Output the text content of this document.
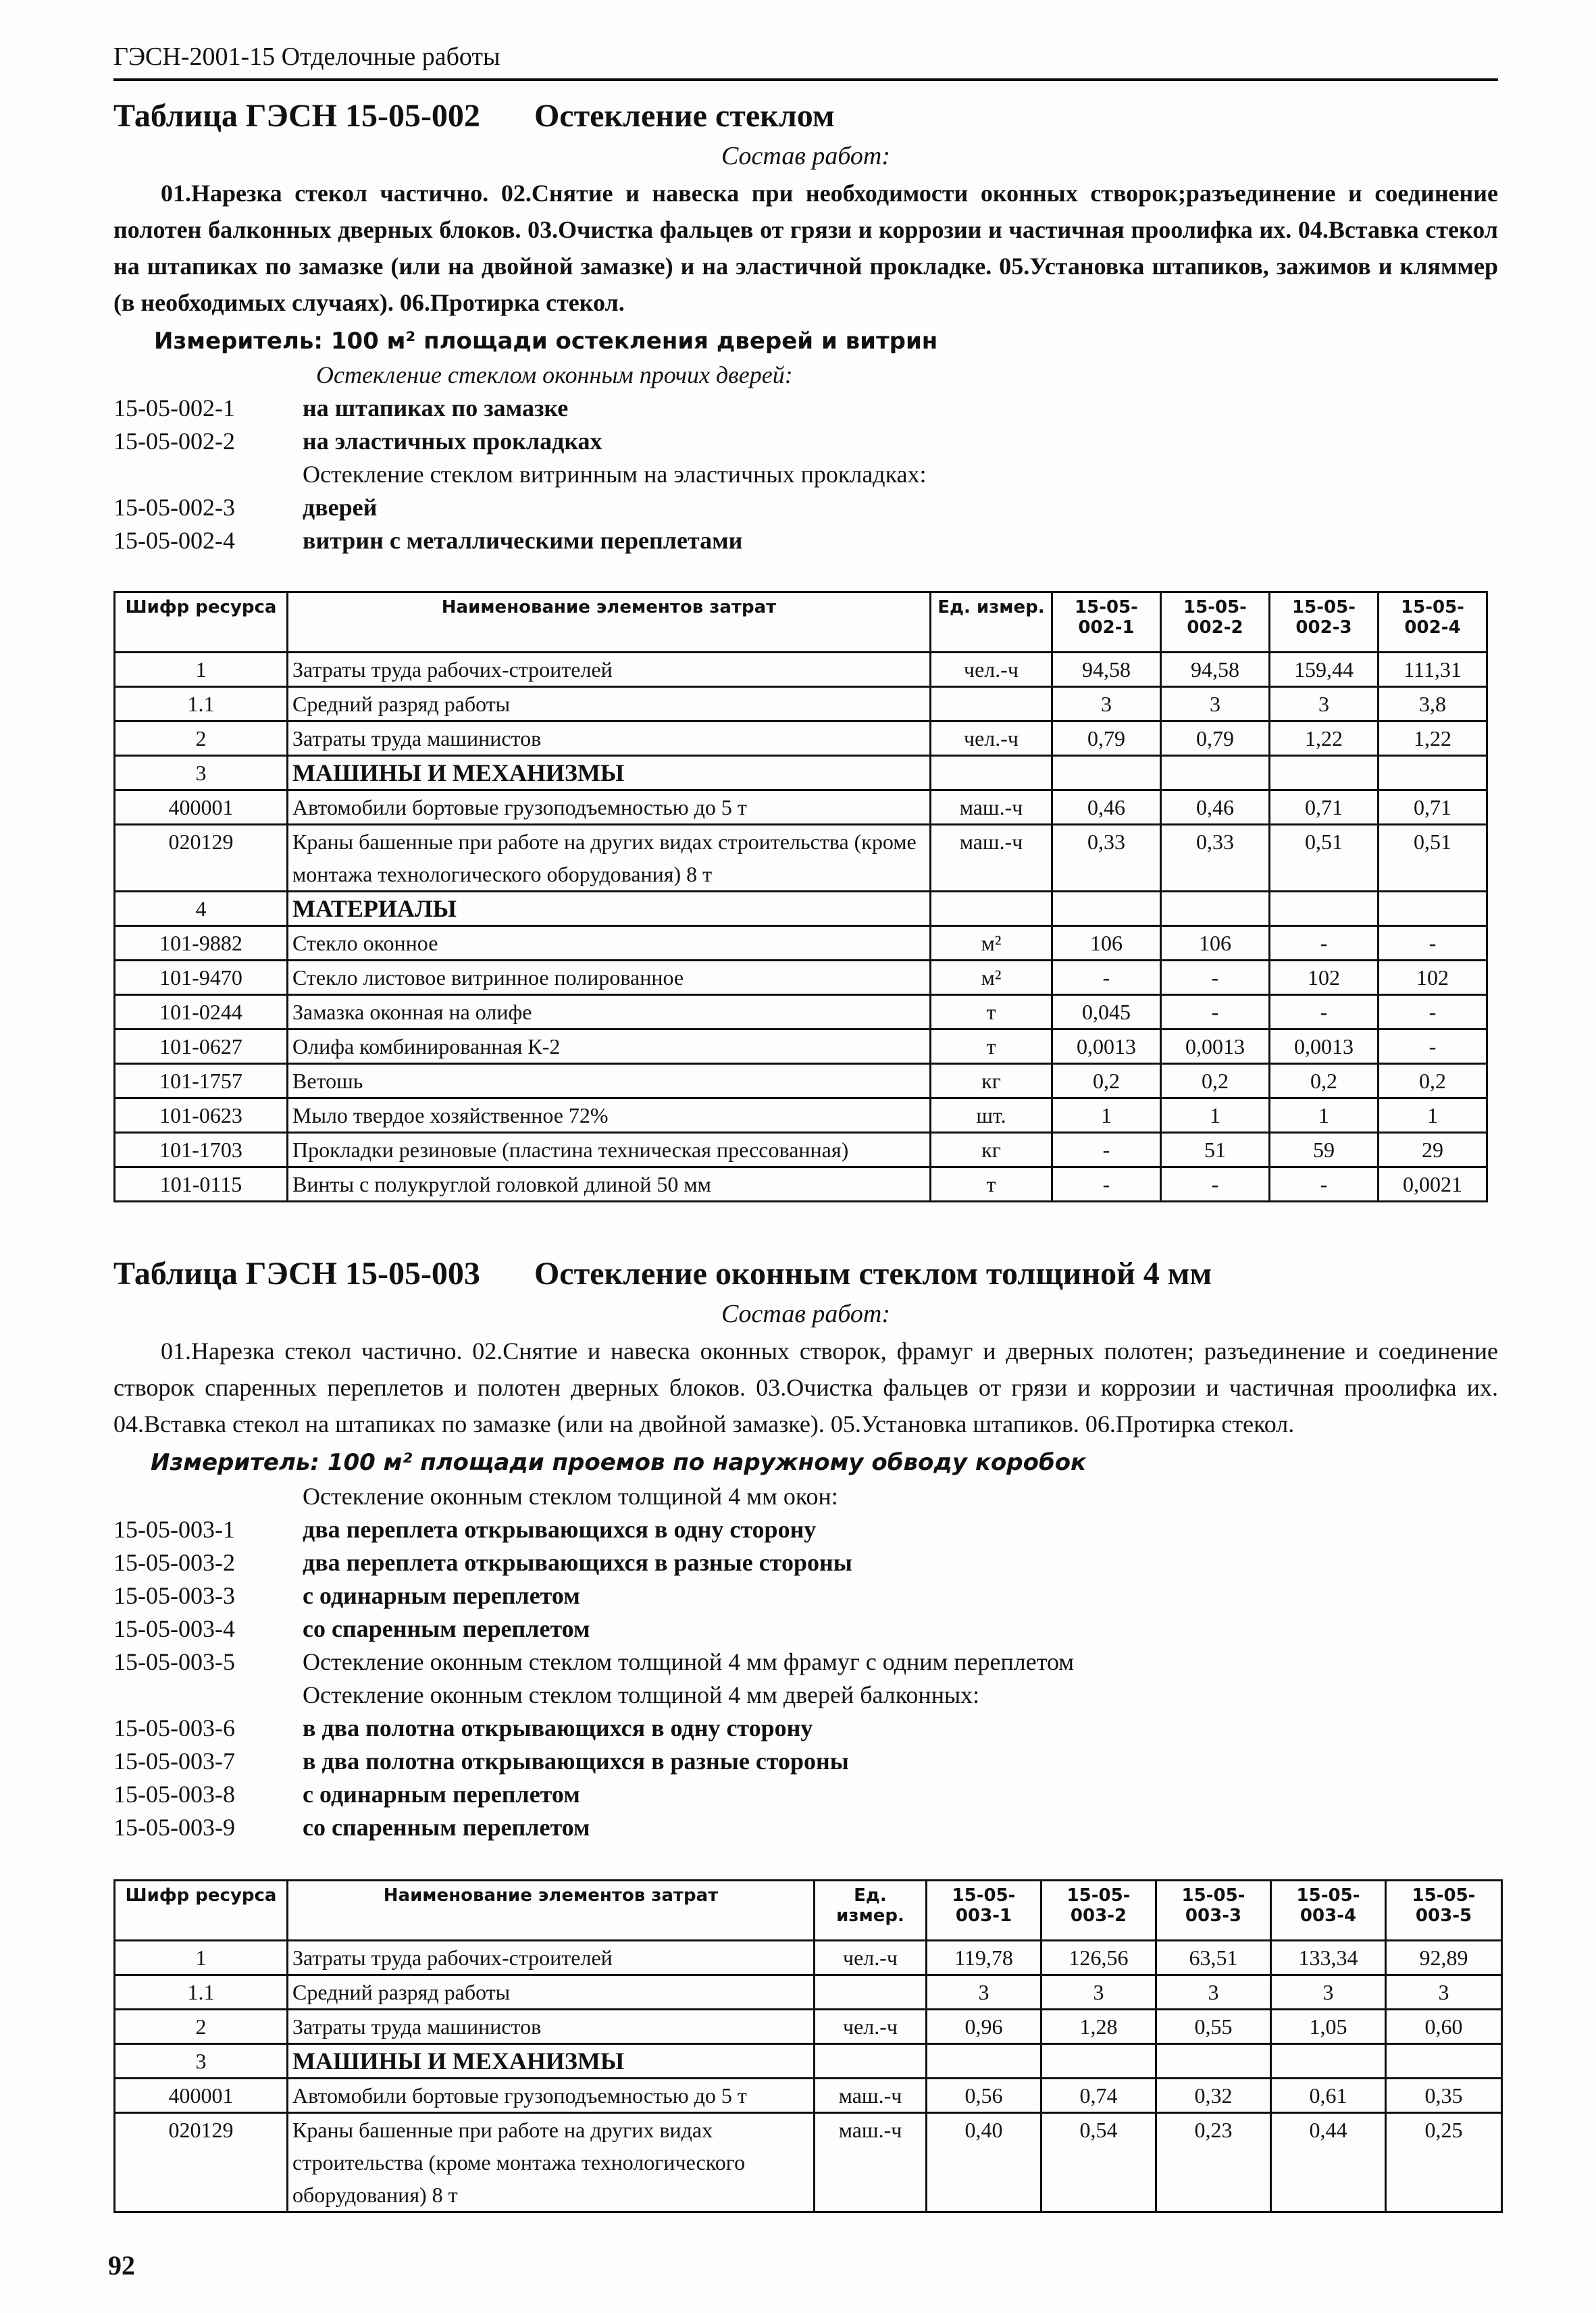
ГЭСН-2001-15 Отделочные работы
Таблица ГЭСН 15-05-002 Остекление стеклом
Состав работ:

01.Нарезка стекол частично. 02.Снятие и навеска при необходимости оконных створок;разъединение и соединение полотен балконных дверных блоков. 03.Очистка фальцев от грязи и коррозии и частичная проолифка их. 04.Вставка стекол на штапиках по замазке (или на двойной замазке) и на эластичной прокладке. 05.Установка штапиков, зажимов и кляммер (в необходимых случаях). 06.Протирка стекол.

Измеритель: 100 м² площади остекления дверей и витрин
Остекление стеклом оконным прочих дверей:
15-05-002-1	на штапиках по замазке
15-05-002-2	на эластичных прокладках
Остекление стеклом витринным на эластичных прокладках:
15-05-002-3	дверей
15-05-002-4	витрин с металлическими переплетами
Шифр ресурса	Наименование элементов затрат	Ед. измер.	15-05-002-1	15-05-002-2	15-05-002-3	15-05-002-4
1	Затраты труда рабочих-строителей	чел.-ч	94,58	94,58	159,44	111,31
1.1	Средний разряд работы		3	3	3	3,8
2	Затраты труда машинистов	чел.-ч	0,79	0,79	1,22	1,22
3	МАШИНЫ И МЕХАНИЗМЫ					
400001	Автомобили бортовые грузоподъемностью до 5 т	маш.-ч	0,46	0,46	0,71	0,71
020129	Краны башенные при работе на других видах строительства (кроме монтажа технологического оборудования) 8 т	маш.-ч	0,33	0,33	0,51	0,51
4	МАТЕРИАЛЫ					
101-9882	Стекло оконное	м²	106	106	-	-
101-9470	Стекло листовое витринное полированное	м²	-	-	102	102
101-0244	Замазка оконная на олифе	т	0,045	-	-	-
101-0627	Олифа комбинированная К-2	т	0,0013	0,0013	0,0013	-
101-1757	Ветошь	кг	0,2	0,2	0,2	0,2
101-0623	Мыло твердое хозяйственное 72%	шт.	1	1	1	1
101-1703	Прокладки резиновые (пластина техническая прессованная)	кг	-	51	59	29
101-0115	Винты с полукруглой головкой длиной 50 мм	т	-	-	-	0,0021
Таблица ГЭСН 15-05-003 Остекление оконным стеклом толщиной 4 мм
Состав работ:

01.Нарезка стекол частично. 02.Снятие и навеска оконных створок, фрамуг и дверных полотен; разъединение и соединение створок спаренных переплетов и полотен дверных блоков. 03.Очистка фальцев от грязи и коррозии и частичная проолифка их. 04.Вставка стекол на штапиках по замазке (или на двойной замазке). 05.Установка штапиков. 06.Протирка стекол.

Измеритель: 100 м² площади проемов по наружному обводу коробок
Остекление оконным стеклом толщиной 4 мм окон:
15-05-003-1	два переплета открывающихся в одну сторону
15-05-003-2	два переплета открывающихся в разные стороны
15-05-003-3	с одинарным переплетом
15-05-003-4	со спаренным переплетом
15-05-003-5	Остекление оконным стеклом толщиной 4 мм фрамуг с одним переплетом
Остекление оконным стеклом толщиной 4 мм дверей балконных:
15-05-003-6	в два полотна открывающихся в одну сторону
15-05-003-7	в два полотна открывающихся в разные стороны
15-05-003-8	с одинарным переплетом
15-05-003-9	со спаренным переплетом
Шифр ресурса	Наименование элементов затрат	Ед. измер.	15-05-003-1	15-05-003-2	15-05-003-3	15-05-003-4	15-05-003-5
1	Затраты труда рабочих-строителей	чел.-ч	119,78	126,56	63,51	133,34	92,89
1.1	Средний разряд работы		3	3	3	3	3
2	Затраты труда машинистов	чел.-ч	0,96	1,28	0,55	1,05	0,60
3	МАШИНЫ И МЕХАНИЗМЫ						
400001	Автомобили бортовые грузоподъемностью до 5 т	маш.-ч	0,56	0,74	0,32	0,61	0,35
020129	Краны башенные при работе на других видах строительства (кроме монтажа технологического оборудования) 8 т	маш.-ч	0,40	0,54	0,23	0,44	0,25
92
